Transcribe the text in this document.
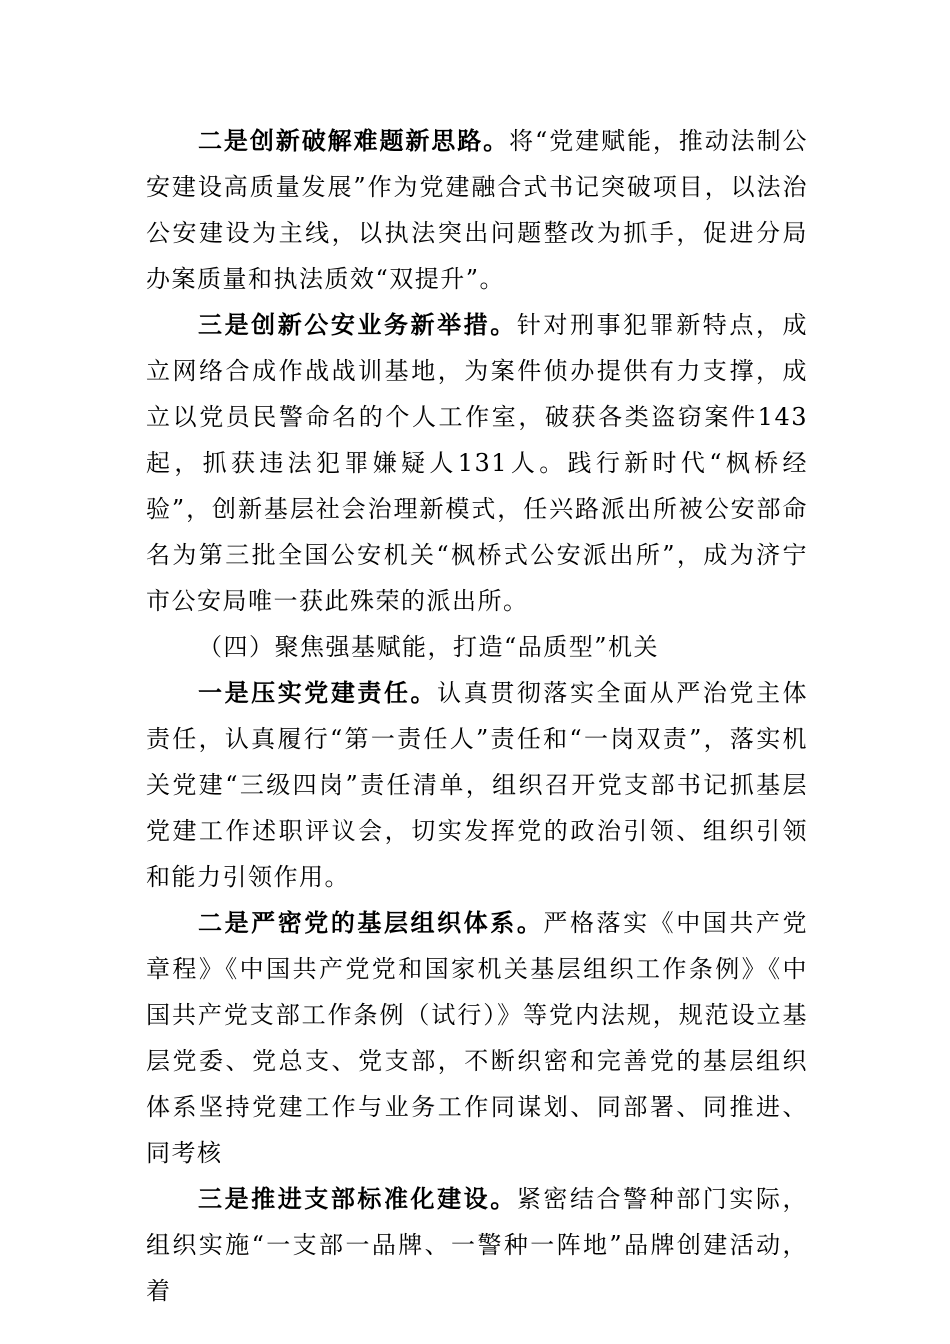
二是创新破解难题新思路。将“党建赋能，推动法制公安建设高质量发展”作为党建融合式书记突破项目，以法治公安建设为主线，以执法突出问题整改为抓手，促进分局办案质量和执法质效“双提升”。

三是创新公安业务新举措。针对刑事犯罪新特点，成立网络合成作战战训基地，为案件侦办提供有力支撑，成立以党员民警命名的个人工作室，破获各类盗窃案件143起，抓获违法犯罪嫌疑人131人。践行新时代“枫桥经验”，创新基层社会治理新模式，任兴路派出所被公安部命名为第三批全国公安机关“枫桥式公安派出所”，成为济宁市公安局唯一获此殊荣的派出所。

（四）聚焦强基赋能，打造“品质型”机关

一是压实党建责任。认真贯彻落实全面从严治党主体责任，认真履行“第一责任人”责任和“一岗双责”，落实机关党建“三级四岗”责任清单，组织召开党支部书记抓基层党建工作述职评议会，切实发挥党的政治引领、组织引领和能力引领作用。

二是严密党的基层组织体系。严格落实《中国共产党章程》《中国共产党党和国家机关基层组织工作条例》《中国共产党支部工作条例（试行）》等党内法规，规范设立基层党委、党总支、党支部，不断织密和完善党的基层组织体系坚持党建工作与业务工作同谋划、同部署、同推进、同考核

三是推进支部标准化建设。紧密结合警种部门实际，组织实施“一支部一品牌、一警种一阵地”品牌创建活动，着
